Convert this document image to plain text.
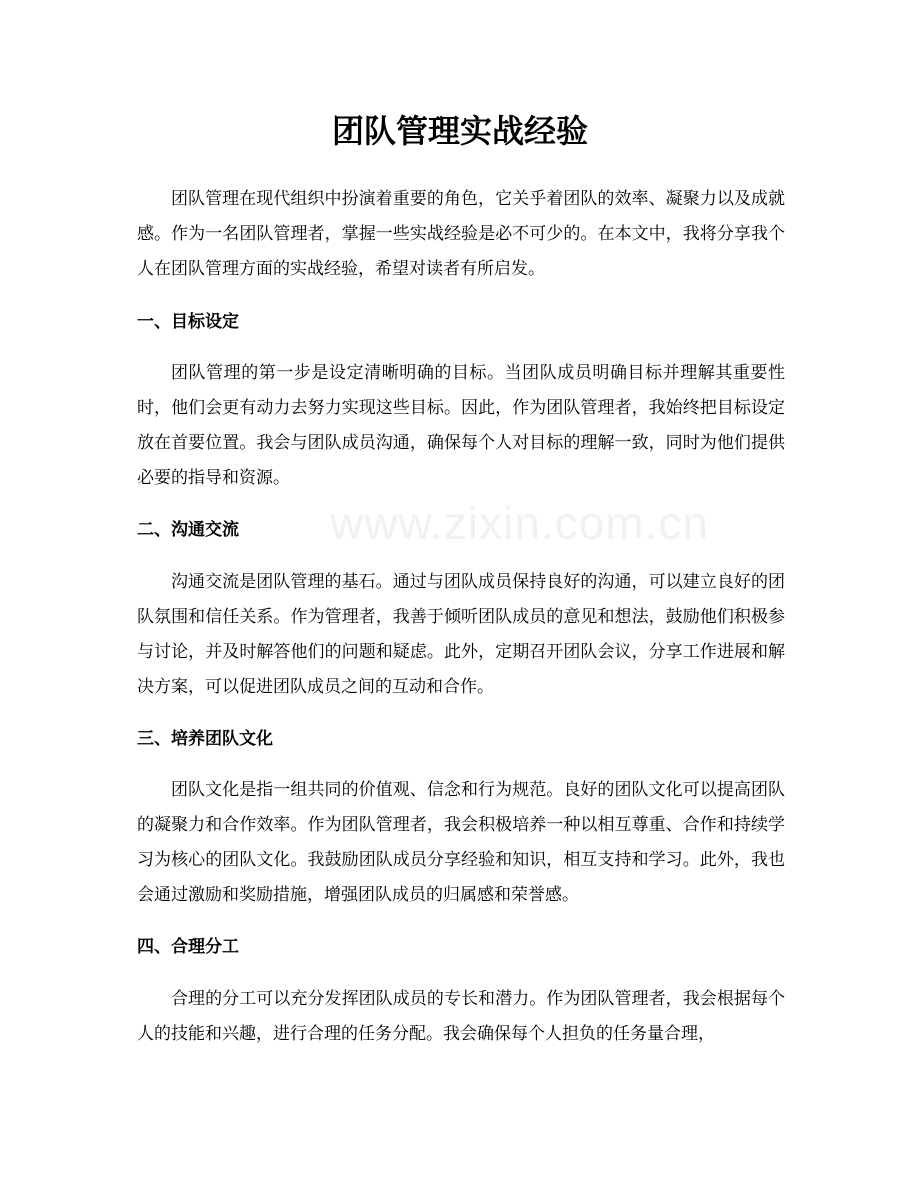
www.zixin.com.cn
团队管理实战经验

团队管理在现代组织中扮演着重要的角色，它关乎着团队的效率、凝聚力以及成就感。作为一名团队管理者，掌握一些实战经验是必不可少的。在本文中，我将分享我个人在团队管理方面的实战经验，希望对读者有所启发。

一、目标设定

团队管理的第一步是设定清晰明确的目标。当团队成员明确目标并理解其重要性时，他们会更有动力去努力实现这些目标。因此，作为团队管理者，我始终把目标设定放在首要位置。我会与团队成员沟通，确保每个人对目标的理解一致，同时为他们提供必要的指导和资源。

二、沟通交流

沟通交流是团队管理的基石。通过与团队成员保持良好的沟通，可以建立良好的团队氛围和信任关系。作为管理者，我善于倾听团队成员的意见和想法，鼓励他们积极参与讨论，并及时解答他们的问题和疑虑。此外，定期召开团队会议，分享工作进展和解决方案，可以促进团队成员之间的互动和合作。

三、培养团队文化

团队文化是指一组共同的价值观、信念和行为规范。良好的团队文化可以提高团队的凝聚力和合作效率。作为团队管理者，我会积极培养一种以相互尊重、合作和持续学习为核心的团队文化。我鼓励团队成员分享经验和知识，相互支持和学习。此外，我也会通过激励和奖励措施，增强团队成员的归属感和荣誉感。

四、合理分工

合理的分工可以充分发挥团队成员的专长和潜力。作为团队管理者，我会根据每个人的技能和兴趣，进行合理的任务分配。我会确保每个人担负的任务量合理，
